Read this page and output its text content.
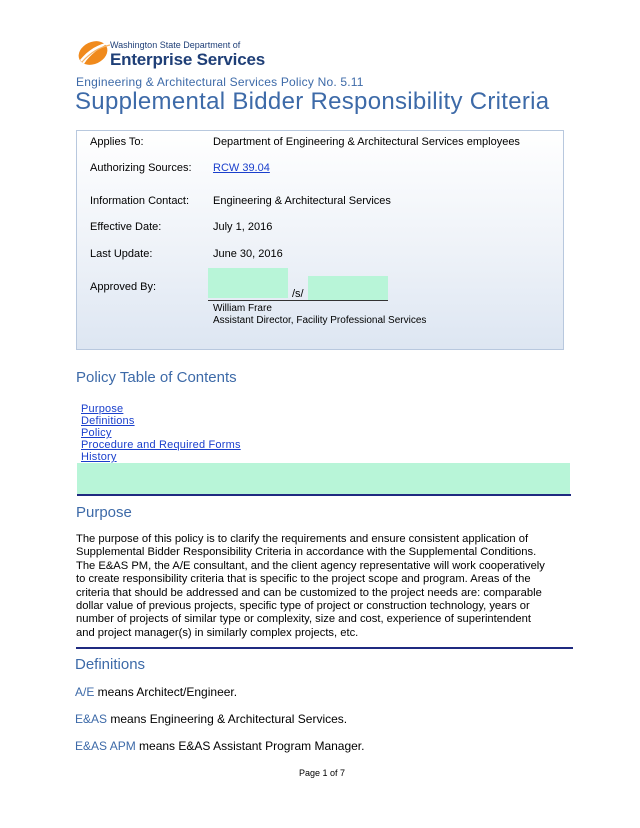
Washington State Department of
Enterprise Services
Engineering & Architectural Services Policy No. 5.11
Supplemental Bidder Responsibility Criteria
Applies To:	Department of Engineering & Architectural Services employees
Authorizing Sources: RCW 39.04
Information Contact: Engineering & Architectural Services
Effective Date:	July 1, 2016
Last Update:	June 30, 2016
Approved By:
/s/
William Frare
Assistant Director, Facility Professional Services
Policy Table of Contents
Purpose
Definitions
Policy
Procedure and Required Forms
History
Purpose
The purpose of this policy is to clarify the requirements and ensure consistent application of
Supplemental Bidder Responsibility Criteria in accordance with the Supplemental Conditions.
The E&AS PM, the A/E consultant, and the client agency representative will work cooperatively
to create responsibility criteria that is specific to the project scope and program. Areas of the
criteria that should be addressed and can be customized to the project needs are: comparable
dollar value of previous projects, specific type of project or construction technology, years or
number of projects of similar type or complexity, size and cost, experience of superintendent
and project manager(s) in similarly complex projects, etc.
Definitions
A/E means Architect/Engineer.
E&AS means Engineering & Architectural Services.
E&AS APM means E&AS Assistant Program Manager.
Page 1 of 7
